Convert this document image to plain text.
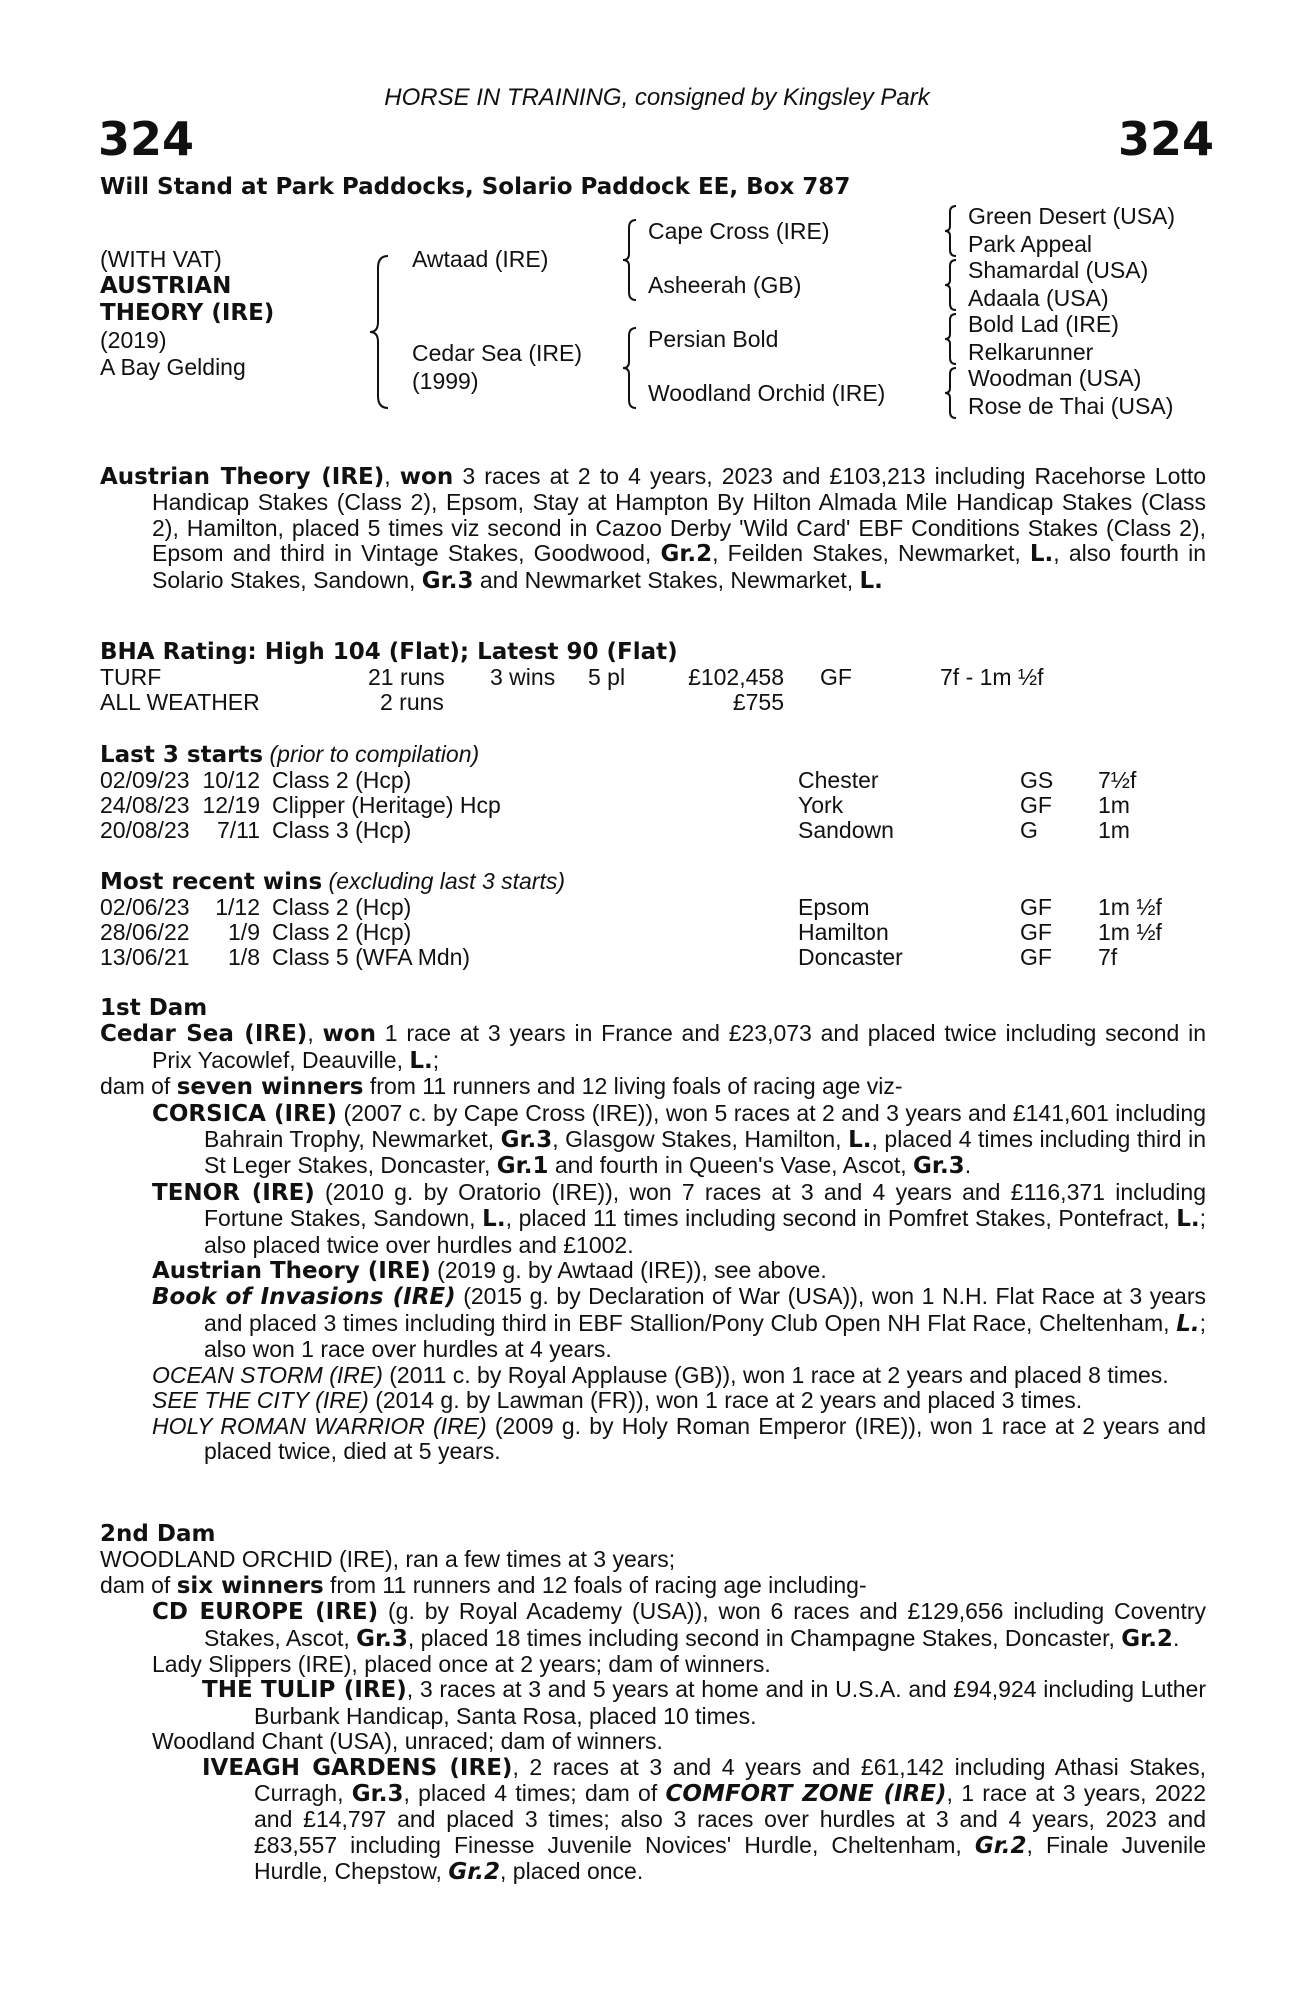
HORSE IN TRAINING, consigned by Kingsley Park
324	324
Will Stand at Park Paddocks, Solario Paddock EE, Box 787
(WITH VAT)
AUSTRIAN
THEORY (IRE)
(2019)
A Bay Gelding
Awtaad (IRE)
Cedar Sea (IRE)
(1999)
Cape Cross (IRE)
Asheerah (GB)
Persian Bold
Woodland Orchid (IRE)
Green Desert (USA)
Park Appeal
Shamardal (USA)
Adaala (USA)
Bold Lad (IRE)
Relkarunner
Woodman (USA)
Rose de Thai (USA)

Austrian Theory (IRE), won 3 races at 2 to 4 years, 2023 and £103,213 including Racehorse Lotto Handicap Stakes (Class 2), Epsom, Stay at Hampton By Hilton Almada Mile Handicap Stakes (Class 2), Hamilton, placed 5 times viz second in Cazoo Derby 'Wild Card' EBF Conditions Stakes (Class 2), Epsom and third in Vintage Stakes, Goodwood, Gr.2, Feilden Stakes, Newmarket, L., also fourth in Solario Stakes, Sandown, Gr.3 and Newmarket Stakes, Newmarket, L.

BHA Rating: High 104 (Flat); Latest 90 (Flat)
TURF	21 runs	3 wins	5 pl	£102,458	GF	7f - 1m ½f
ALL WEATHER	2 runs			£755		
Last 3 starts (prior to compilation)
02/09/23	10/12	Class 2 (Hcp)	Chester	GS	7½f
24/08/23	12/19	Clipper (Heritage) Hcp	York	GF	1m
20/08/23	7/11	Class 3 (Hcp)	Sandown	G	1m
Most recent wins (excluding last 3 starts)
02/06/23	1/12	Class 2 (Hcp)	Epsom	GF	1m ½f
28/06/22	1/9	Class 2 (Hcp)	Hamilton	GF	1m ½f
13/06/21	1/8	Class 5 (WFA Mdn)	Doncaster	GF	7f

1st Dam

Cedar Sea (IRE), won 1 race at 3 years in France and £23,073 and placed twice including second in Prix Yacowlef, Deauville, L.;

dam of seven winners from 11 runners and 12 living foals of racing age viz-

CORSICA (IRE) (2007 c. by Cape Cross (IRE)), won 5 races at 2 and 3 years and £141,601 including Bahrain Trophy, Newmarket, Gr.3, Glasgow Stakes, Hamilton, L., placed 4 times including third in St Leger Stakes, Doncaster, Gr.1 and fourth in Queen's Vase, Ascot, Gr.3.

TENOR (IRE) (2010 g. by Oratorio (IRE)), won 7 races at 3 and 4 years and £116,371 including Fortune Stakes, Sandown, L., placed 11 times including second in Pomfret Stakes, Pontefract, L.; also placed twice over hurdles and £1002.

Austrian Theory (IRE) (2019 g. by Awtaad (IRE)), see above.

Book of Invasions (IRE) (2015 g. by Declaration of War (USA)), won 1 N.H. Flat Race at 3 years and placed 3 times including third in EBF Stallion/Pony Club Open NH Flat Race, Cheltenham, L.; also won 1 race over hurdles at 4 years.

OCEAN STORM (IRE) (2011 c. by Royal Applause (GB)), won 1 race at 2 years and placed 8 times.

SEE THE CITY (IRE) (2014 g. by Lawman (FR)), won 1 race at 2 years and placed 3 times.

HOLY ROMAN WARRIOR (IRE) (2009 g. by Holy Roman Emperor (IRE)), won 1 race at 2 years and placed twice, died at 5 years.

2nd Dam

WOODLAND ORCHID (IRE), ran a few times at 3 years;

dam of six winners from 11 runners and 12 foals of racing age including-

CD EUROPE (IRE) (g. by Royal Academy (USA)), won 6 races and £129,656 including Coventry Stakes, Ascot, Gr.3, placed 18 times including second in Champagne Stakes, Doncaster, Gr.2.

Lady Slippers (IRE), placed once at 2 years; dam of winners.

THE TULIP (IRE), 3 races at 3 and 5 years at home and in U.S.A. and £94,924 including Luther Burbank Handicap, Santa Rosa, placed 10 times.

Woodland Chant (USA), unraced; dam of winners.

IVEAGH GARDENS (IRE), 2 races at 3 and 4 years and £61,142 including Athasi Stakes, Curragh, Gr.3, placed 4 times; dam of COMFORT ZONE (IRE), 1 race at 3 years, 2022 and £14,797 and placed 3 times; also 3 races over hurdles at 3 and 4 years, 2023 and £83,557 including Finesse Juvenile Novices' Hurdle, Cheltenham, Gr.2, Finale Juvenile Hurdle, Chepstow, Gr.2, placed once.
